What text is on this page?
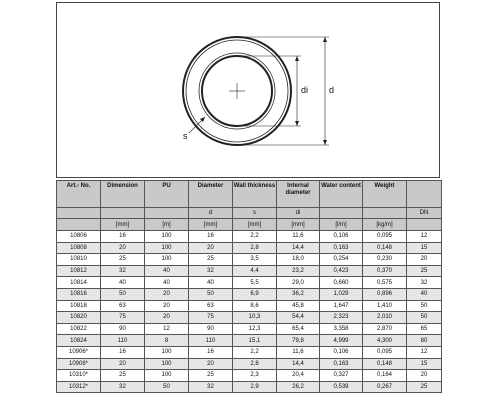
di d
s
Art.- No.	Dimension	PU	Diameter	Wall thickness	Internal diameter	Water content	Weight	
			d	s	di			DN
	[mm]	[m]	[mm]	[mm]	[mm]	[l/m]	[kg/m]	
10806	16	100	16	2,2	11,6	0,106	0,095	12
10808	20	100	20	2,8	14,4	0,163	0,148	15
10810	25	100	25	3,5	18,0	0,254	0,230	20
10812	32	40	32	4,4	23,2	0,423	0,370	25
10814	40	40	40	5,5	29,0	0,660	0,575	32
10816	50	20	50	6,9	36,2	1,029	0,896	40
10818	63	20	63	8,6	45,8	1,647	1,410	50
10820	75	20	75	10,3	54,4	2,323	2,010	50
10822	90	12	90	12,3	65,4	3,358	2,870	65
10824	110	8	110	15,1	79,8	4,999	4,300	80
10906*	16	100	16	2,2	11,6	0,106	0,095	12
10908*	20	100	20	2,8	14,4	0,163	0,148	15
10310*	25	100	25	2,3	20,4	0,327	0,164	20
10312*	32	50	32	2,9	26,2	0,539	0,267	25
